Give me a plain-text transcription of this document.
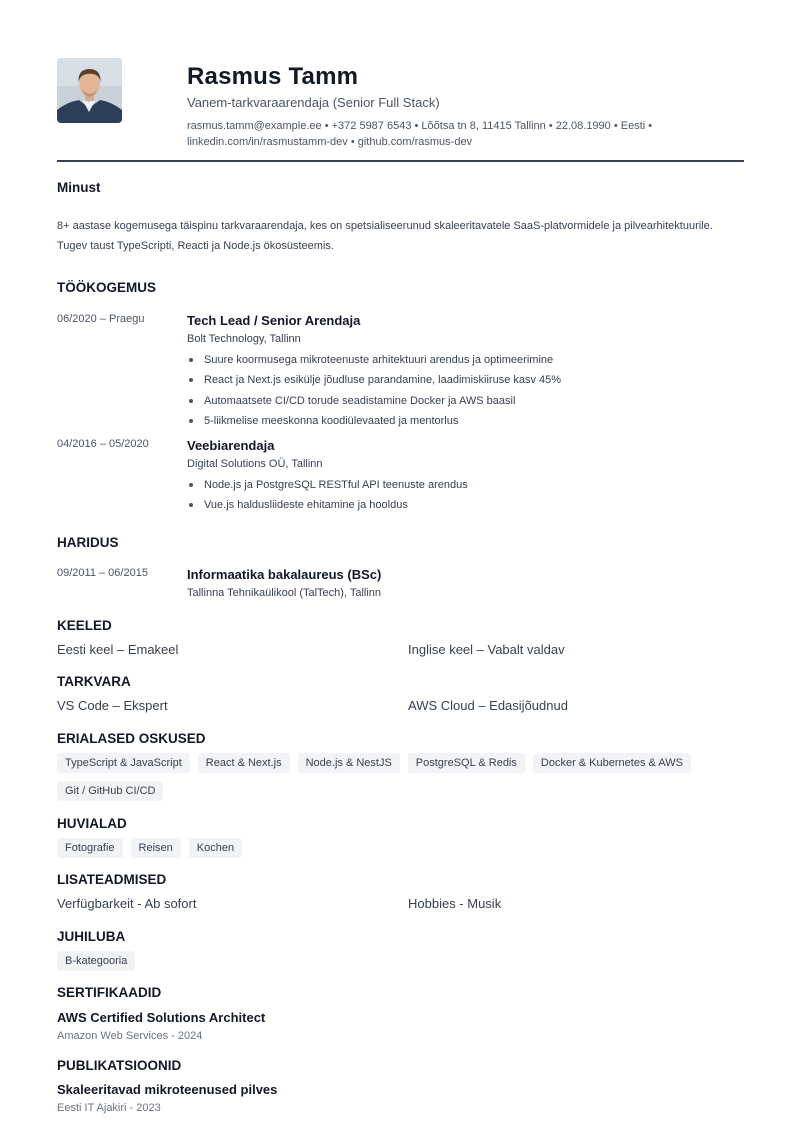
Rasmus Tamm
Vanem-tarkvaraarendaja (Senior Full Stack)
rasmus.tamm@example.ee • +372 5987 6543 • Lõõtsa tn 8, 11415 Tallinn • 22.08.1990 • Eesti •
linkedin.com/in/rasmustamm-dev • github.com/rasmus-dev
Minust
8+ aastase kogemusega täispinu tarkvaraarendaja, kes on spetsialiseerunud skaleeritavatele SaaS-platvormidele ja pilvearhitektuurile. Tugev taust TypeScripti, Reacti ja Node.js ökosüsteemis.
TÖÖKOGEMUS
06/2020 – Praegu	Tech Lead / Senior Arendaja
Bolt Technology, Tallinn
Suure koormusega mikroteenuste arhitektuuri arendus ja optimeerimine
React ja Next.js esikülje jõudluse parandamine, laadimiskiiruse kasv 45%
Automaatsete CI/CD torude seadistamine Docker ja AWS baasil
5-liikmelise meeskonna koodiülevaated ja mentorlus
04/2016 – 05/2020	Veebiarendaja
Digital Solutions OÜ, Tallinn
Node.js ja PostgreSQL RESTful API teenuste arendus
Vue.js haldusliideste ehitamine ja hooldus
HARIDUS
09/2011 – 06/2015	Informaatika bakalaureus (BSc)
Tallinna Tehnikaülikool (TalTech), Tallinn
KEELED
Eesti keel – Emakeel	Inglise keel – Vabalt valdav
TARKVARA
VS Code – Ekspert	AWS Cloud – Edasijõudnud
ERIALASED OSKUSED
TypeScript & JavaScript	React & Next.js	Node.js & NestJS	PostgreSQL & Redis	Docker & Kubernetes & AWS
Git / GitHub CI/CD
HUVIALAD
Fotografie	Reisen	Kochen
LISATEADMISED
Verfügbarkeit - Ab sofort	Hobbies - Musik
JUHILUBA
B-kategooria
SERTIFIKAADID
AWS Certified Solutions Architect
Amazon Web Services - 2024
PUBLIKATSIOONID
Skaleeritavad mikroteenused pilves
Eesti IT Ajakiri - 2023
